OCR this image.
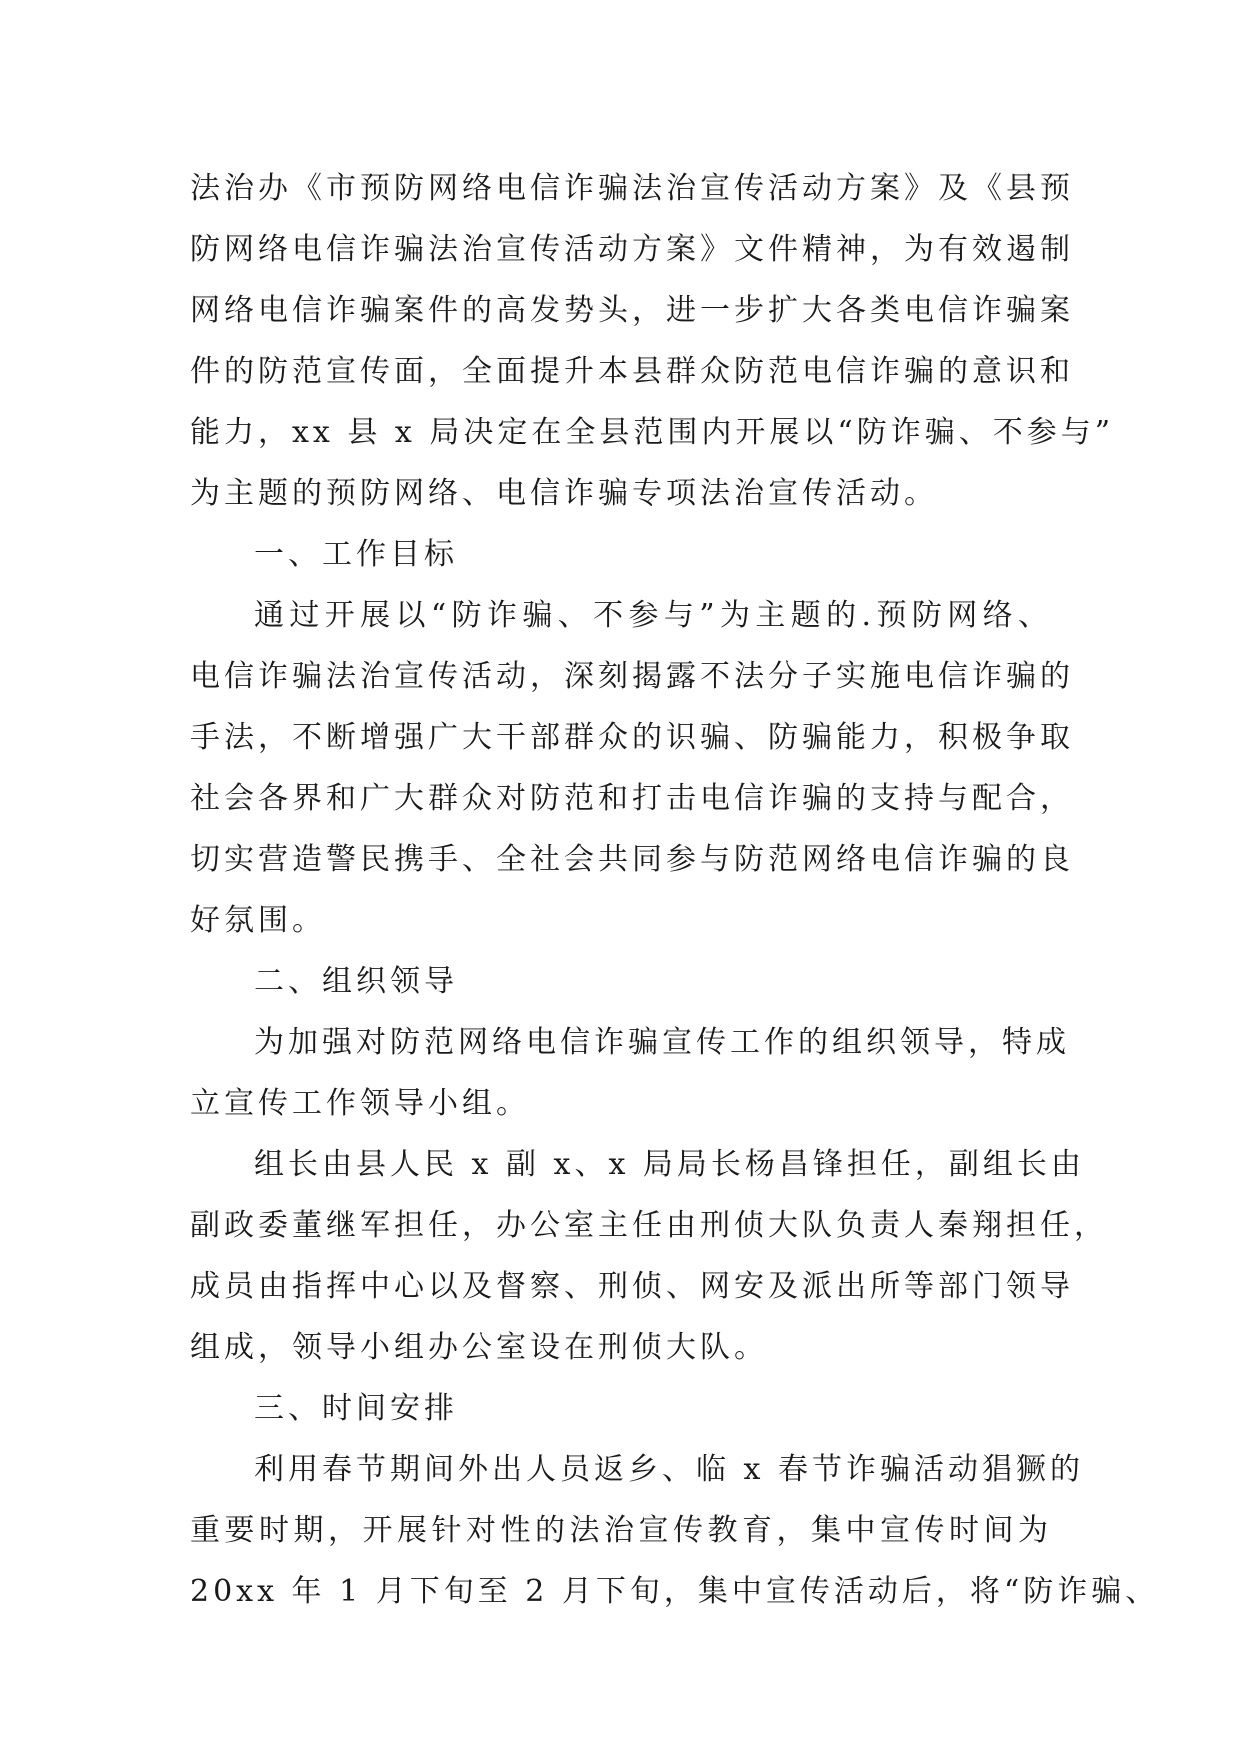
法治办《市预防网络电信诈骗法治宣传活动方案》及《县预
防网络电信诈骗法治宣传活动方案》文件精神，为有效遏制
网络电信诈骗案件的高发势头，进一步扩大各类电信诈骗案
件的防范宣传面，全面提升本县群众防范电信诈骗的意识和
能力，xx 县 x 局决定在全县范围内开展以“防诈骗、不参与”
为主题的预防网络、电信诈骗专项法治宣传活动。
一、工作目标
通过开展以“防诈骗、不参与”为主题的.预防网络、
电信诈骗法治宣传活动，深刻揭露不法分子实施电信诈骗的
手法，不断增强广大干部群众的识骗、防骗能力，积极争取
社会各界和广大群众对防范和打击电信诈骗的支持与配合，
切实营造警民携手、全社会共同参与防范网络电信诈骗的良
好氛围。
二、组织领导
为加强对防范网络电信诈骗宣传工作的组织领导，特成
立宣传工作领导小组。
组长由县人民 x 副 x、x 局局长杨昌锋担任，副组长由
副政委董继军担任，办公室主任由刑侦大队负责人秦翔担任，
成员由指挥中心以及督察、刑侦、网安及派出所等部门领导
组成，领导小组办公室设在刑侦大队。
三、时间安排
利用春节期间外出人员返乡、临 x 春节诈骗活动猖獗的
重要时期，开展针对性的法治宣传教育，集中宣传时间为
20xx 年 1 月下旬至 2 月下旬，集中宣传活动后，将“防诈骗、
